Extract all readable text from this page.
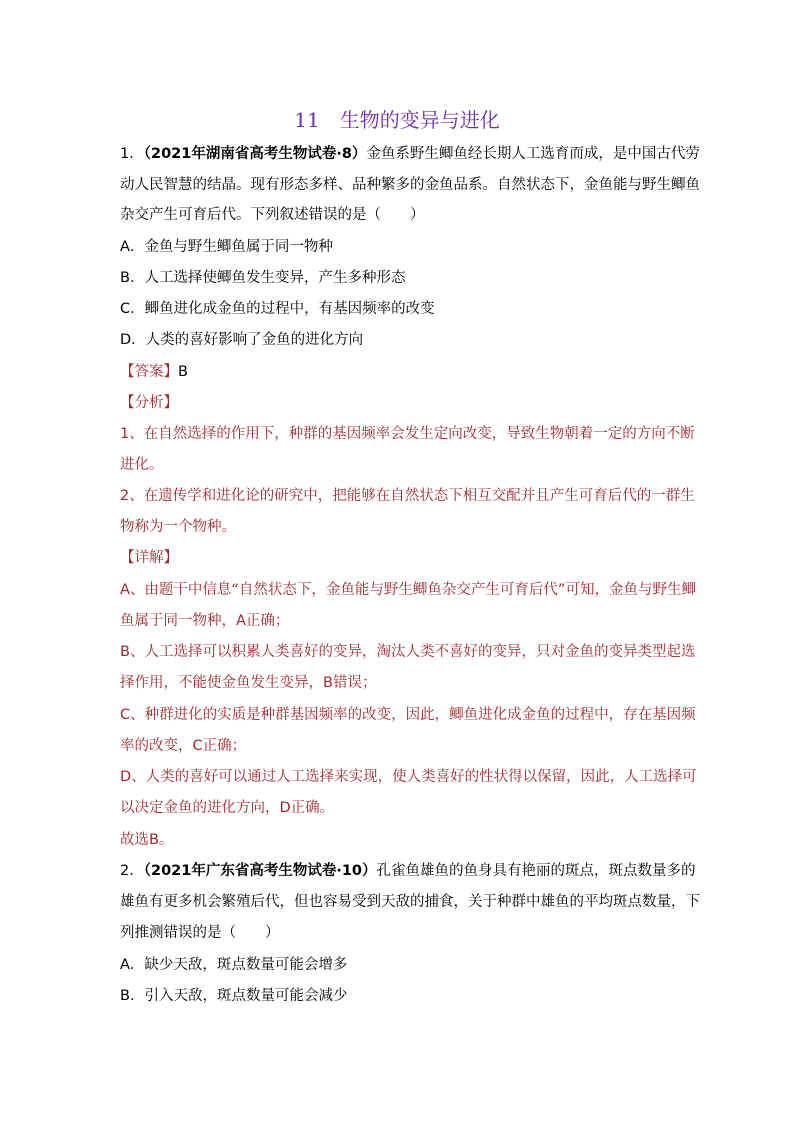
11 生物的变异与进化
1．（2021年湖南省高考生物试卷·8）金鱼系野生鲫鱼经长期人工选育而成，是中国古代劳
动人民智慧的结晶。现有形态多样、品种繁多的金鱼品系。自然状态下，金鱼能与野生鲫鱼
杂交产生可育后代。下列叙述错误的是（　　）
A．金鱼与野生鲫鱼属于同一物种
B．人工选择使鲫鱼发生变异，产生多种形态
C．鲫鱼进化成金鱼的过程中，有基因频率的改变
D．人类的喜好影响了金鱼的进化方向
【答案】B
【分析】
1、在自然选择的作用下，种群的基因频率会发生定向改变，导致生物朝着一定的方向不断
进化。
2、在遗传学和进化论的研究中，把能够在自然状态下相互交配并且产生可育后代的一群生
物称为一个物种。
【详解】
A、由题干中信息“自然状态下，金鱼能与野生鲫鱼杂交产生可育后代”可知，金鱼与野生鲫
鱼属于同一物种，A正确；
B、人工选择可以积累人类喜好的变异，淘汰人类不喜好的变异，只对金鱼的变异类型起选
择作用，不能使金鱼发生变异，B错误；
C、种群进化的实质是种群基因频率的改变，因此，鲫鱼进化成金鱼的过程中，存在基因频
率的改变，C正确；
D、人类的喜好可以通过人工选择来实现，使人类喜好的性状得以保留，因此，人工选择可
以决定金鱼的进化方向，D正确。
故选B。
2．（2021年广东省高考生物试卷·10）孔雀鱼雄鱼的鱼身具有艳丽的斑点，斑点数量多的
雄鱼有更多机会繁殖后代，但也容易受到天敌的捕食，关于种群中雄鱼的平均斑点数量，下
列推测错误的是（　　）
A．缺少天敌，斑点数量可能会增多
B．引入天敌，斑点数量可能会减少
